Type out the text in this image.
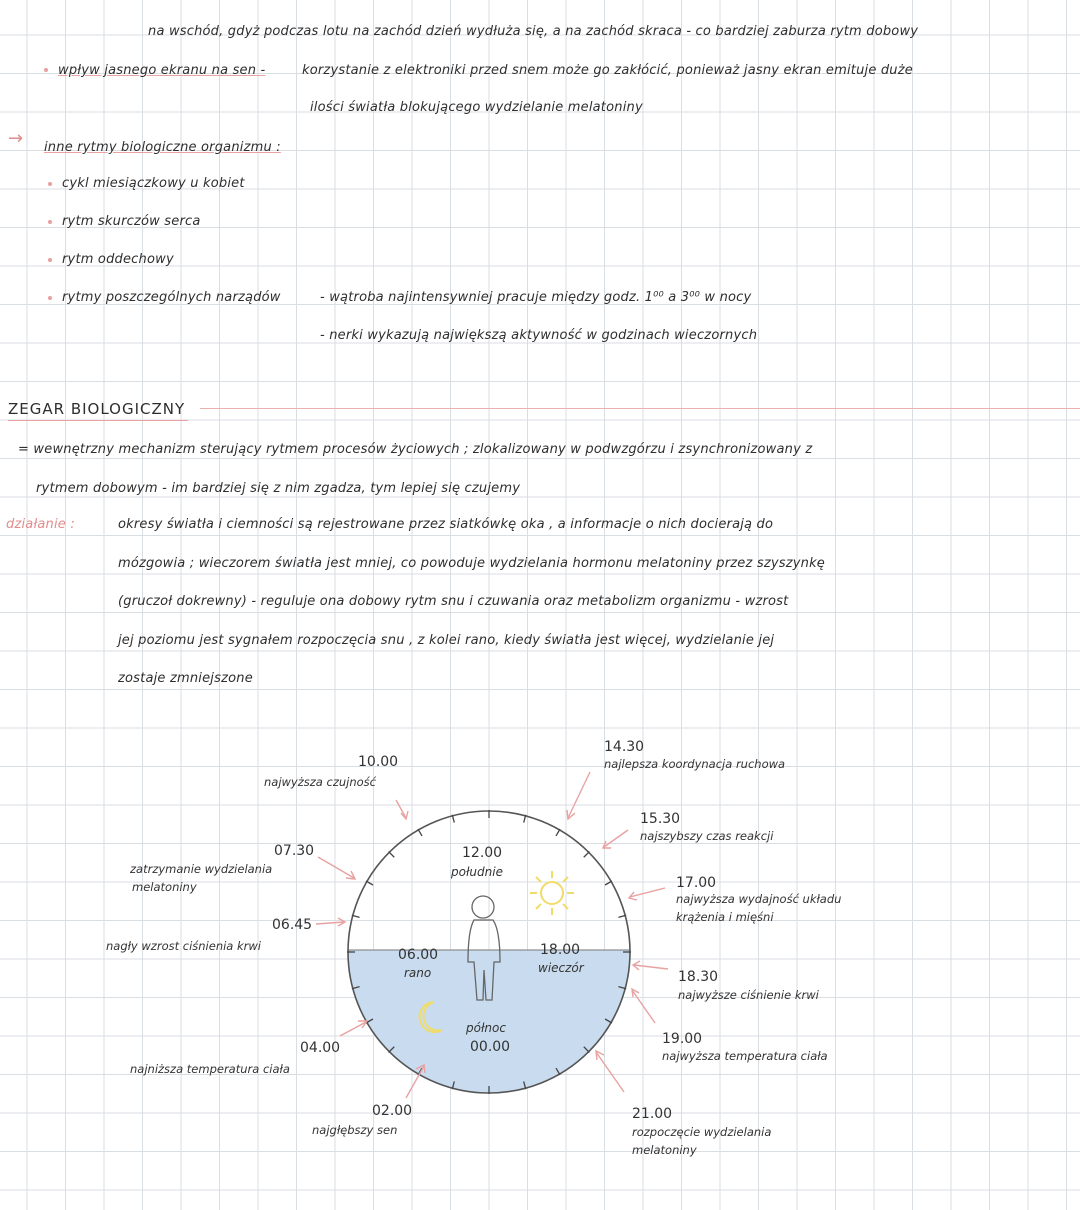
na wschód, gdyż podczas lotu na zachód dzień wydłuża się, a na zachód skraca - co bardziej zaburza rytm dobowy
wpływ jasnego ekranu na sen -	korzystanie z elektroniki przed snem może go zakłócić, ponieważ jasny ekran emituje duże
ilości światła blokującego wydzielanie melatoniny
→ inne rytmy biologiczne organizmu :
cykl miesiączkowy u kobiet
rytm skurczów serca
rytm oddechowy
rytmy poszczególnych narządów	- wątroba najintensywniej pracuje między godz. 1⁰⁰ a 3⁰⁰ w nocy
- nerki wykazują największą aktywność w godzinach wieczornych
ZEGAR BIOLOGICZNY
= wewnętrzny mechanizm sterujący rytmem procesów życiowych ; zlokalizowany w podwzgórzu i zsynchronizowany z
rytmem dobowym - im bardziej się z nim zgadza, tym lepiej się czujemy
działanie :	okresy światła i ciemności są rejestrowane przez siatkówkę oka , a informacje o nich docierają do
mózgowia ; wieczorem światła jest mniej, co powoduje wydzielania hormonu melatoniny przez szyszynkę
(gruczoł dokrewny) - reguluje ona dobowy rytm snu i czuwania oraz metabolizm organizmu - wzrost
jej poziomu jest sygnałem rozpoczęcia snu , z kolei rano, kiedy światła jest więcej, wydzielanie jej
zostaje zmniejszone
12.00
południe
06.00
rano
18.00
wieczór
północ
00.00
10.00
najwyższa czujność
14.30
najlepsza koordynacja ruchowa
15.30
najszybszy czas reakcji
17.00
najwyższa wydajność układu
krążenia i mięśni
18.30
najwyższe ciśnienie krwi
19.00
najwyższa temperatura ciała
21.00
rozpoczęcie wydzielania
melatoniny
02.00
najgłębszy sen
04.00
najniższa temperatura ciała
06.45
nagły wzrost ciśnienia krwi
07.30
zatrzymanie wydzielania
melatoniny
